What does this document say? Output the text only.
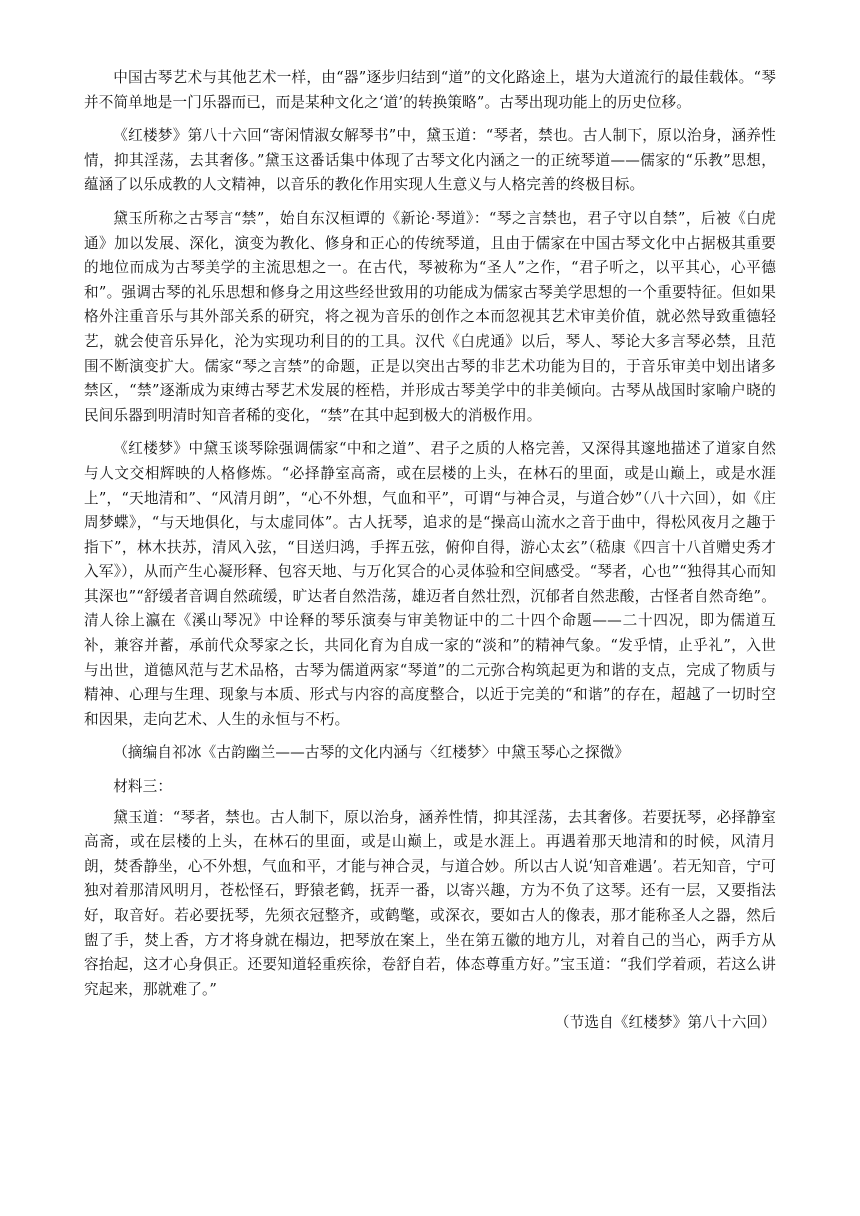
中国古琴艺术与其他艺术一样，由“器”逐步归结到“道”的文化路途上，堪为大道流行的最佳载体。“琴并不简单地是一门乐器而已，而是某种文化之‘道’的转换策略”。古琴出现功能上的历史位移。

《红楼梦》第八十六回“寄闲情淑女解琴书”中，黛玉道：“琴者，禁也。古人制下，原以治身，涵养性情，抑其淫荡，去其奢侈。”黛玉这番话集中体现了古琴文化内涵之一的正统琴道——儒家的“乐教”思想，蕴涵了以乐成教的人文精神，以音乐的教化作用实现人生意义与人格完善的终极目标。

黛玉所称之古琴言“禁”，始自东汉桓谭的《新论·琴道》：“琴之言禁也，君子守以自禁”，后被《白虎通》加以发展、深化，演变为教化、修身和正心的传统琴道，且由于儒家在中国古琴文化中占据极其重要的地位而成为古琴美学的主流思想之一。在古代，琴被称为“圣人”之作，“君子听之，以平其心，心平德和”。强调古琴的礼乐思想和修身之用这些经世致用的功能成为儒家古琴美学思想的一个重要特征。但如果格外注重音乐与其外部关系的研究，将之视为音乐的创作之本而忽视其艺术审美价值，就必然导致重德轻艺，就会使音乐异化，沦为实现功利目的的工具。汉代《白虎通》以后，琴人、琴论大多言琴必禁，且范围不断演变扩大。儒家“琴之言禁”的命题，正是以突出古琴的非艺术功能为目的，于音乐审美中划出诸多禁区，“禁”逐渐成为束缚古琴艺术发展的桎梏，并形成古琴美学中的非美倾向。古琴从战国时家喻户晓的民间乐器到明清时知音者稀的变化，“禁”在其中起到极大的消极作用。

《红楼梦》中黛玉谈琴除强调儒家“中和之道”、君子之质的人格完善，又深得其邃地描述了道家自然与人文交相辉映的人格修炼。“必择静室高斋，或在层楼的上头，在林石的里面，或是山巅上，或是水涯上”，“天地清和”、“风清月朗”，“心不外想，气血和平”，可谓“与神合灵，与道合妙”（八十六回），如《庄周梦蝶》，“与天地俱化，与太虚同体”。古人抚琴，追求的是“操高山流水之音于曲中，得松风夜月之趣于指下”，林木扶苏，清风入弦，“目送归鸿，手挥五弦，俯仰自得，游心太玄”（嵇康《四言十八首赠史秀才入军》），从而产生心凝形释、包容天地、与万化冥合的心灵体验和空间感受。“琴者，心也”“独得其心而知其深也”“舒缓者音调自然疏缓，旷达者自然浩荡，雄迈者自然壮烈，沉郁者自然悲酸，古怪者自然奇绝”。清人徐上瀛在《溪山琴况》中诠释的琴乐演奏与审美物证中的二十四个命题——二十四况，即为儒道互补，兼容并蓄，承前代众琴家之长，共同化育为自成一家的“淡和”的精神气象。“发乎情，止乎礼”，入世与出世，道德风范与艺术品格，古琴为儒道两家“琴道”的二元弥合构筑起更为和谐的支点，完成了物质与精神、心理与生理、现象与本质、形式与内容的高度整合，以近于完美的“和谐”的存在，超越了一切时空和因果，走向艺术、人生的永恒与不朽。

（摘编自祁冰《古韵幽兰——古琴的文化内涵与〈红楼梦〉中黛玉琴心之探微》

材料三：

黛玉道：“琴者，禁也。古人制下，原以治身，涵养性情，抑其淫荡，去其奢侈。若要抚琴，必择静室高斋，或在层楼的上头，在林石的里面，或是山巅上，或是水涯上。再遇着那天地清和的时候，风清月朗，焚香静坐，心不外想，气血和平，才能与神合灵，与道合妙。所以古人说‘知音难遇’。若无知音，宁可独对着那清风明月，苍松怪石，野猿老鹤，抚弄一番，以寄兴趣，方为不负了这琴。还有一层，又要指法好，取音好。若必要抚琴，先须衣冠整齐，或鹤氅，或深衣，要如古人的像表，那才能称圣人之器，然后盥了手，焚上香，方才将身就在榻边，把琴放在案上，坐在第五徽的地方儿，对着自己的当心，两手方从容抬起，这才心身俱正。还要知道轻重疾徐，卷舒自若，体态尊重方好。”宝玉道：“我们学着顽，若这么讲究起来，那就难了。”

（节选自《红楼梦》第八十六回）
